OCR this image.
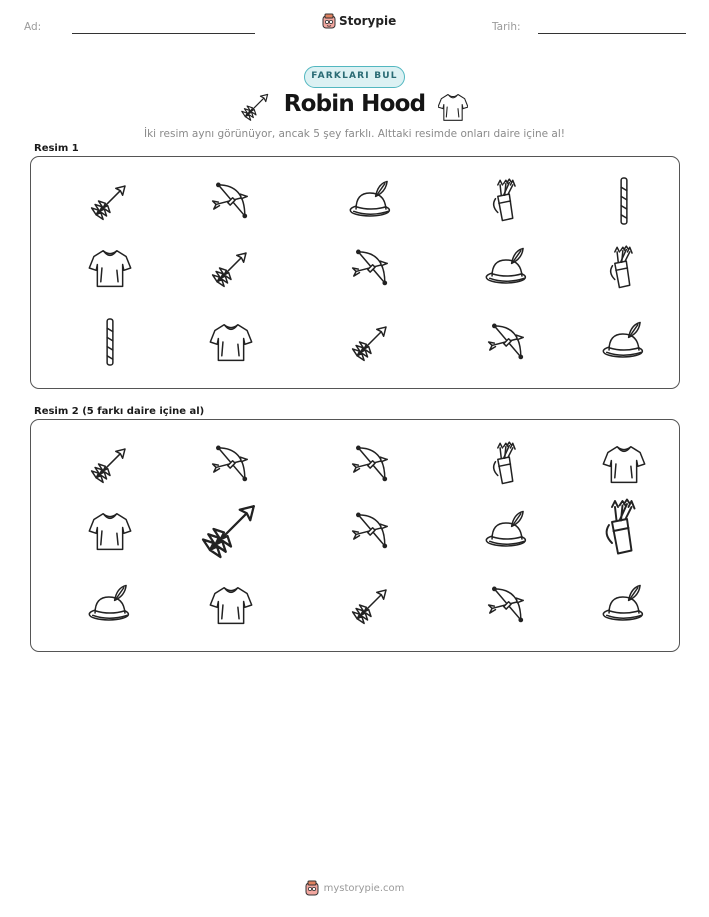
Ad:	Storypie	Tarih:
FARKLARI BUL
Robin Hood
İki resim aynı görünüyor, ancak 5 şey farklı. Alttaki resimde onları daire içine al!
Resim 1
Resim 2 (5 farkı daire içine al)
mystorypie.com
